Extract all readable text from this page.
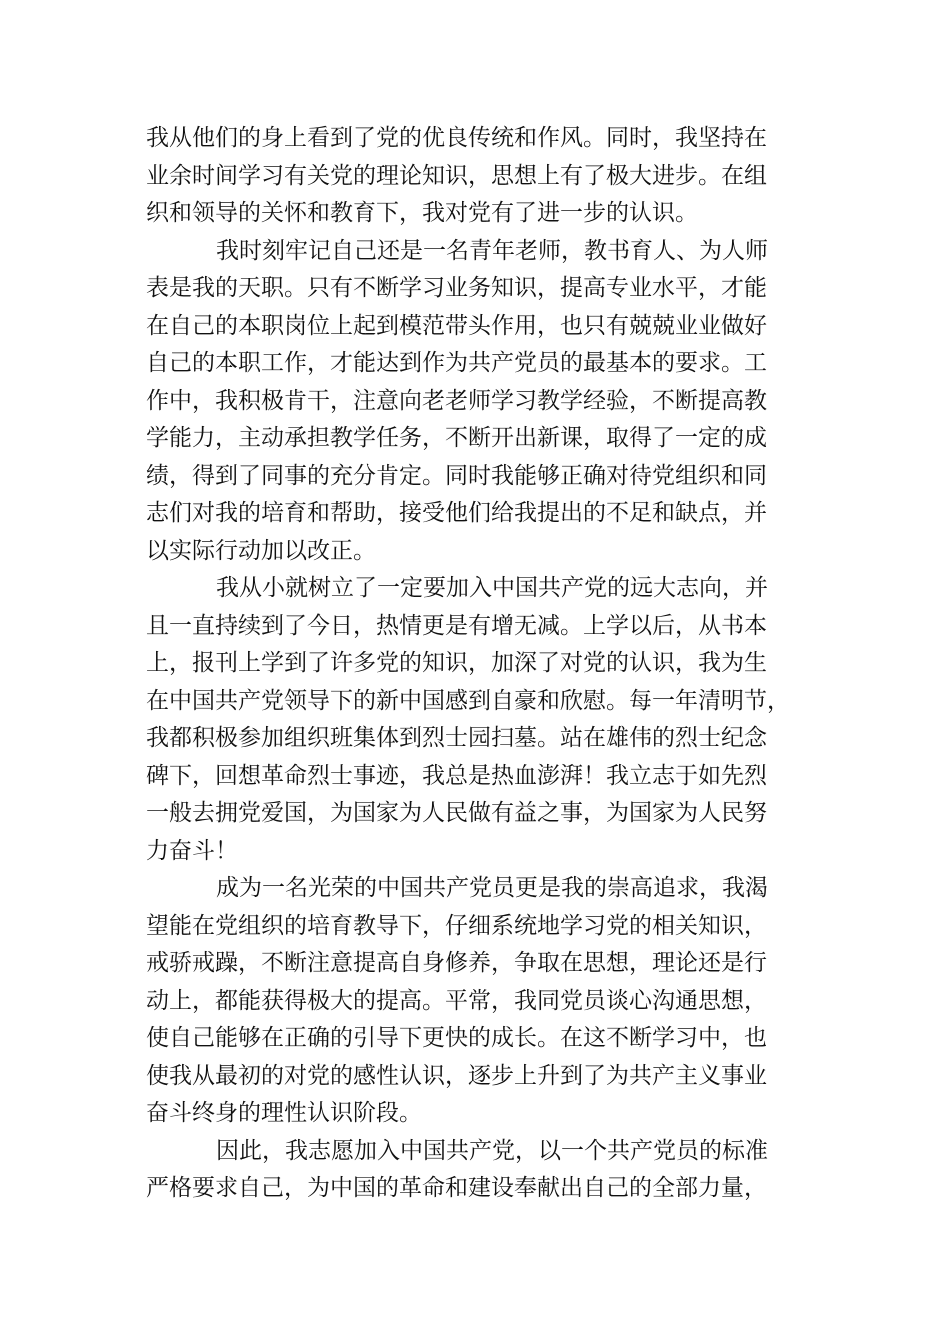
我从他们的身上看到了党的优良传统和作风。同时，我坚持在
业余时间学习有关党的理论知识，思想上有了极大进步。在组
织和领导的关怀和教育下，我对党有了进一步的认识。
我时刻牢记自己还是一名青年老师，教书育人、为人师
表是我的天职。只有不断学习业务知识，提高专业水平，才能
在自己的本职岗位上起到模范带头作用，也只有兢兢业业做好
自己的本职工作，才能达到作为共产党员的最基本的要求。工
作中，我积极肯干，注意向老老师学习教学经验，不断提高教
学能力，主动承担教学任务，不断开出新课，取得了一定的成
绩，得到了同事的充分肯定。同时我能够正确对待党组织和同
志们对我的培育和帮助，接受他们给我提出的不足和缺点，并
以实际行动加以改正。
我从小就树立了一定要加入中国共产党的远大志向，并
且一直持续到了今日，热情更是有增无减。上学以后，从书本
上，报刊上学到了许多党的知识，加深了对党的认识，我为生
在中国共产党领导下的新中国感到自豪和欣慰。每一年清明节，
我都积极参加组织班集体到烈士园扫墓。站在雄伟的烈士纪念
碑下，回想革命烈士事迹，我总是热血澎湃！我立志于如先烈
一般去拥党爱国，为国家为人民做有益之事，为国家为人民努
力奋斗！
成为一名光荣的中国共产党员更是我的崇高追求，我渴
望能在党组织的培育教导下，仔细系统地学习党的相关知识，
戒骄戒躁，不断注意提高自身修养，争取在思想，理论还是行
动上，都能获得极大的提高。平常，我同党员谈心沟通思想，
使自己能够在正确的引导下更快的成长。在这不断学习中，也
使我从最初的对党的感性认识，逐步上升到了为共产主义事业
奋斗终身的理性认识阶段。
因此，我志愿加入中国共产党，以一个共产党员的标准
严格要求自己，为中国的革命和建设奉献出自己的全部力量，
